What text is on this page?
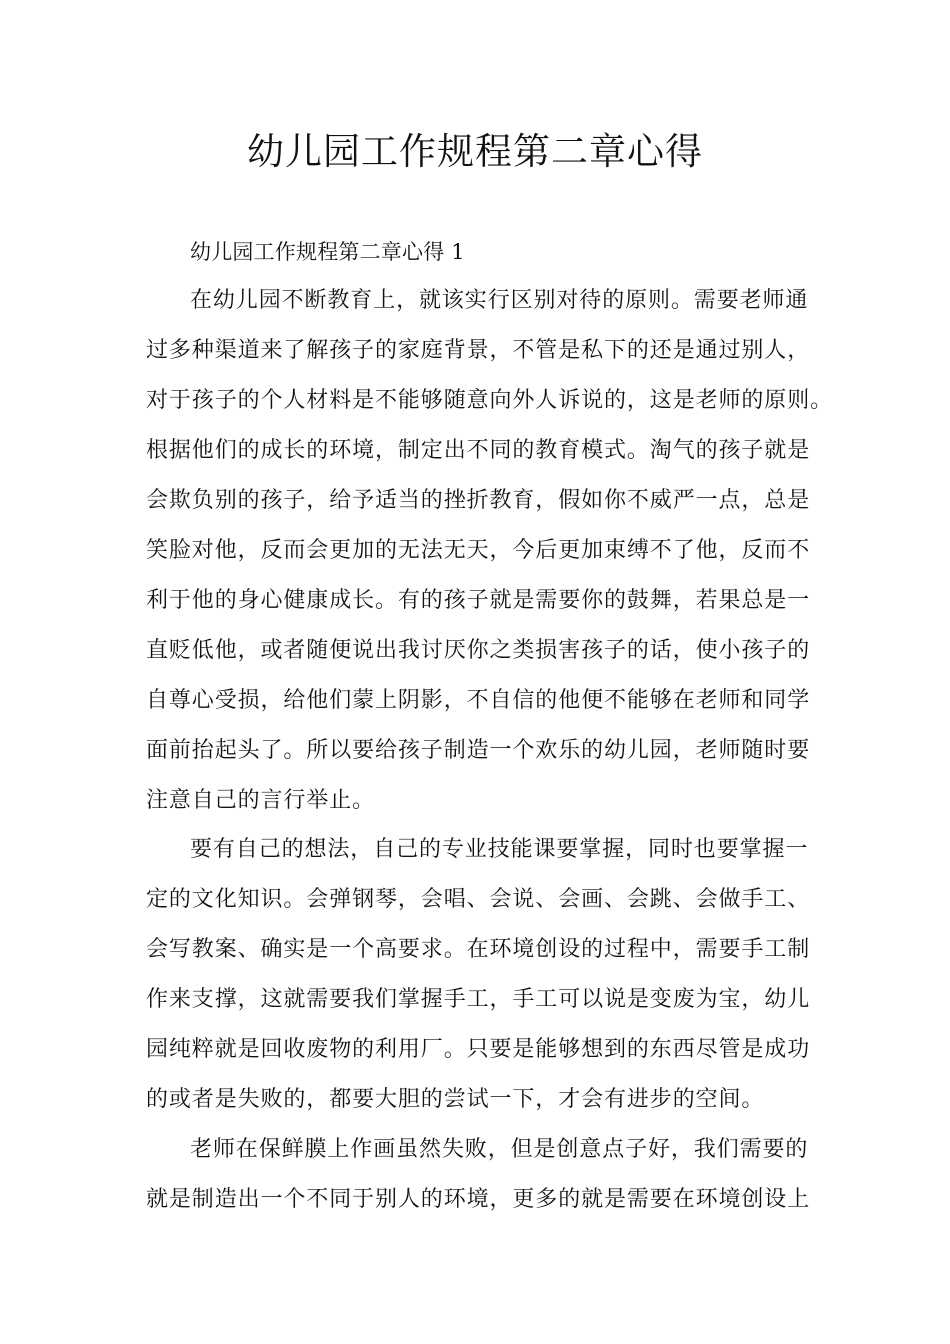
幼儿园工作规程第二章心得
幼儿园工作规程第二章心得 1
在幼儿园不断教育上，就该实行区别对待的原则。需要老师通
过多种渠道来了解孩子的家庭背景，不管是私下的还是通过别人，
对于孩子的个人材料是不能够随意向外人诉说的，这是老师的原则。
根据他们的成长的环境，制定出不同的教育模式。淘气的孩子就是
会欺负别的孩子，给予适当的挫折教育，假如你不威严一点，总是
笑脸对他，反而会更加的无法无天，今后更加束缚不了他，反而不
利于他的身心健康成长。有的孩子就是需要你的鼓舞，若果总是一
直贬低他，或者随便说出我讨厌你之类损害孩子的话，使小孩子的
自尊心受损，给他们蒙上阴影，不自信的他便不能够在老师和同学
面前抬起头了。所以要给孩子制造一个欢乐的幼儿园，老师随时要
注意自己的言行举止。
要有自己的想法，自己的专业技能课要掌握，同时也要掌握一
定的文化知识。会弹钢琴，会唱、会说、会画、会跳、会做手工、
会写教案、确实是一个高要求。在环境创设的过程中，需要手工制
作来支撑，这就需要我们掌握手工，手工可以说是变废为宝，幼儿
园纯粹就是回收废物的利用厂。只要是能够想到的东西尽管是成功
的或者是失败的，都要大胆的尝试一下，才会有进步的空间。
老师在保鲜膜上作画虽然失败，但是创意点子好，我们需要的
就是制造出一个不同于别人的环境，更多的就是需要在环境创设上
